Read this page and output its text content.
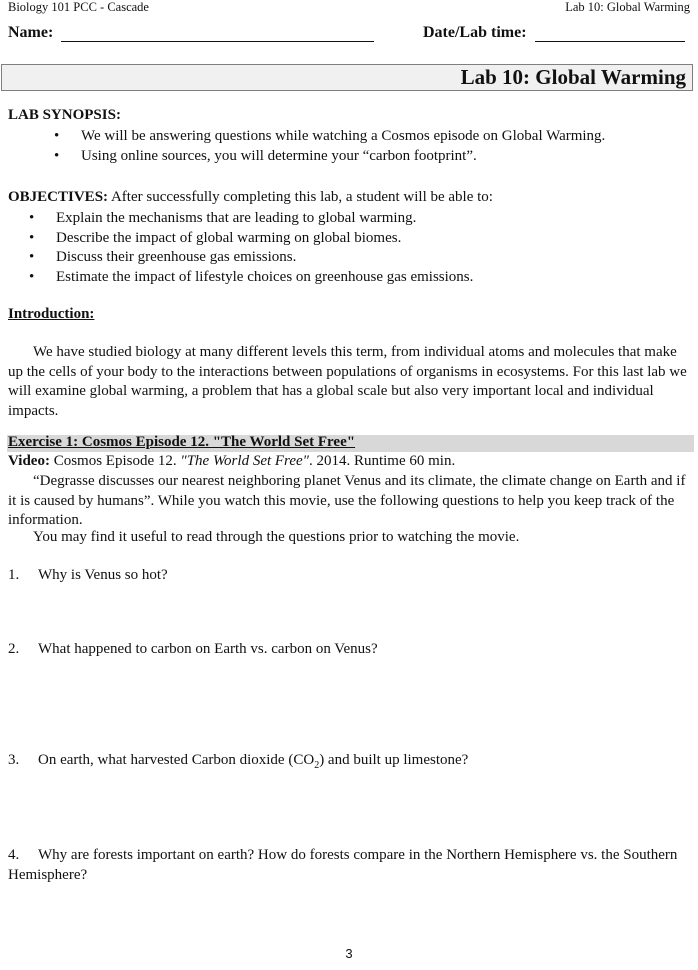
Biology 101 PCC - Cascade	Lab 10: Global Warming
Name:	Date/Lab time:
Lab 10: Global Warming
LAB SYNOPSIS:
• We will be answering questions while watching a Cosmos episode on Global Warming.
• Using online sources, you will determine your “carbon footprint”.
OBJECTIVES: After successfully completing this lab, a student will be able to:
• Explain the mechanisms that are leading to global warming.
• Describe the impact of global warming on global biomes.
• Discuss their greenhouse gas emissions.
• Estimate the impact of lifestyle choices on greenhouse gas emissions.
Introduction:
We have studied biology at many different levels this term, from individual atoms and molecules that make up the cells of your body to the interactions between populations of organisms in ecosystems. For this last lab we will examine global warming, a problem that has a global scale but also very important local and individual impacts.
Exercise 1: Cosmos Episode 12. "The World Set Free"
Video: Cosmos Episode 12. "The World Set Free". 2014. Runtime 60 min.
“Degrasse discusses our nearest neighboring planet Venus and its climate, the climate change on Earth and if it is caused by humans”. While you watch this movie, use the following questions to help you keep track of the information.
You may find it useful to read through the questions prior to watching the movie.
1. Why is Venus so hot?
2. What happened to carbon on Earth vs. carbon on Venus?
3. On earth, what harvested Carbon dioxide $(CO_2)$ and built up limestone?
4. Why are forests important on earth? How do forests compare in the Northern Hemisphere vs. the Southern Hemisphere?
3
